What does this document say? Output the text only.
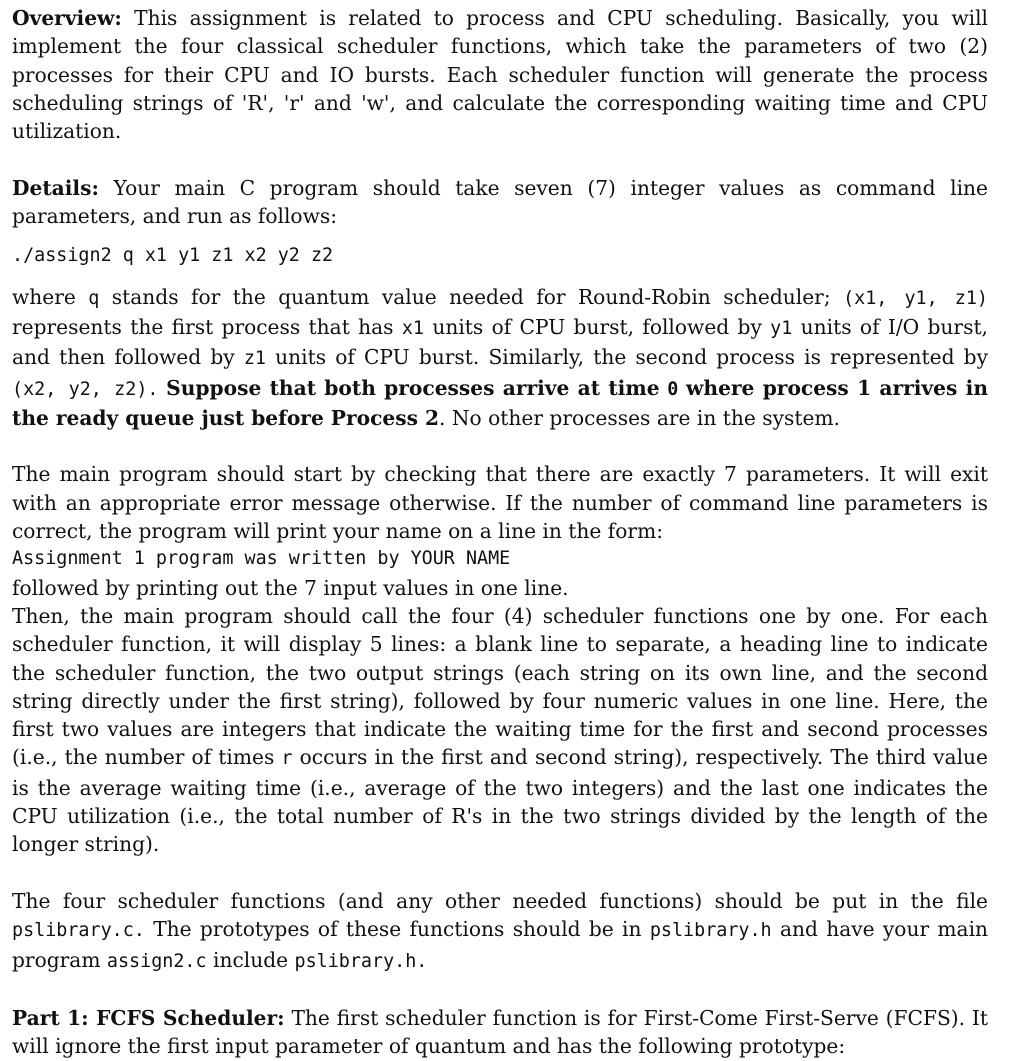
Overview: This assignment is related to process and CPU scheduling. Basically, you will implement the four classical scheduler functions, which take the parameters of two (2) processes for their CPU and IO bursts. Each scheduler function will generate the process scheduling strings of 'R', 'r' and 'w', and calculate the corresponding waiting time and CPU utilization.

Details: Your main C program should take seven (7) integer values as command line parameters, and run as follows:

./assign2 q x1 y1 z1 x2 y2 z2

where q stands for the quantum value needed for Round-Robin scheduler; (x1, y1, z1) represents the first process that has x1 units of CPU burst, followed by y1 units of I/O burst, and then followed by z1 units of CPU burst. Similarly, the second process is represented by (x2, y2, z2). Suppose that both processes arrive at time 0 where process 1 arrives in the ready queue just before Process 2. No other processes are in the system.

The main program should start by checking that there are exactly 7 parameters. It will exit with an appropriate error message otherwise. If the number of command line parameters is correct, the program will print your name on a line in the form:
Assignment 1 program was written by YOUR NAME
followed by printing out the 7 input values in one line.
Then, the main program should call the four (4) scheduler functions one by one. For each scheduler function, it will display 5 lines: a blank line to separate, a heading line to indicate the scheduler function, the two output strings (each string on its own line, and the second string directly under the first string), followed by four numeric values in one line. Here, the first two values are integers that indicate the waiting time for the first and second processes (i.e., the number of times r occurs in the first and second string), respectively. The third value is the average waiting time (i.e., average of the two integers) and the last one indicates the CPU utilization (i.e., the total number of R's in the two strings divided by the length of the longer string).

The four scheduler functions (and any other needed functions) should be put in the file pslibrary.c. The prototypes of these functions should be in pslibrary.h and have your main program assign2.c include pslibrary.h.

Part 1: FCFS Scheduler: The first scheduler function is for First-Come First-Serve (FCFS). It will ignore the first input parameter of quantum and has the following prototype:
